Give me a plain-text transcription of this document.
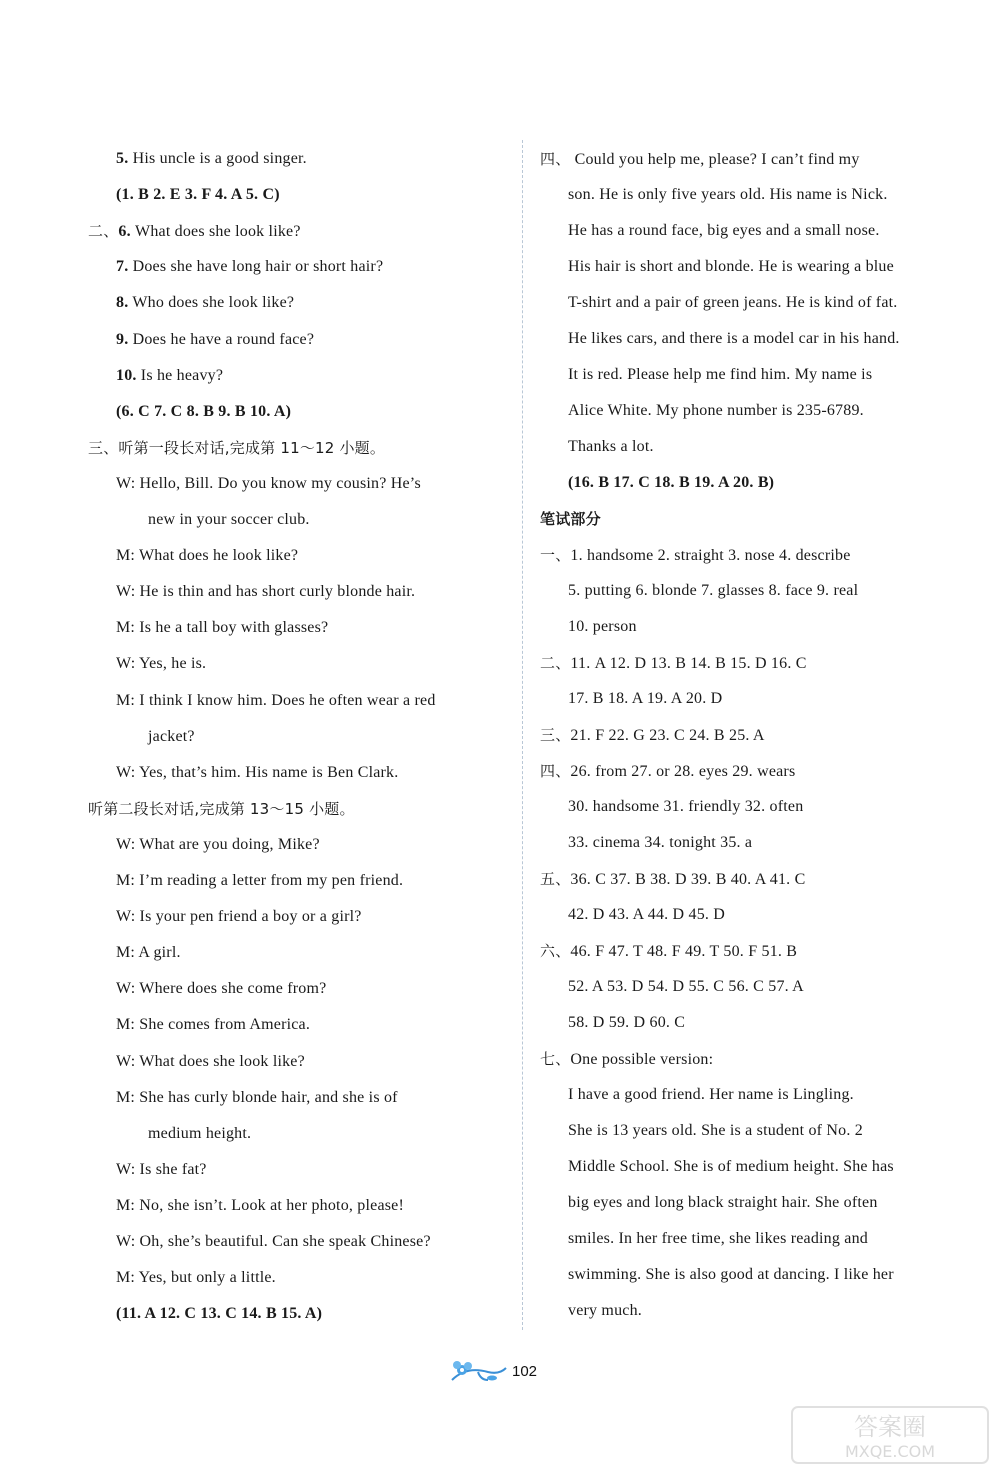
5. His uncle is a good singer.
(1. B 2. E 3. F 4. A 5. C)
二、6. What does she look like?
7. Does she have long hair or short hair?
8. Who does she look like?
9. Does he have a round face?
10. Is he heavy?
(6. C 7. C 8. B 9. B 10. A)
三、听第一段长对话,完成第 11～12 小题。
W: Hello, Bill. Do you know my cousin? He’s
new in your soccer club.
M: What does he look like?
W: He is thin and has short curly blonde hair.
M: Is he a tall boy with glasses?
W: Yes, he is.
M: I think I know him. Does he often wear a red
jacket?
W: Yes, that’s him. His name is Ben Clark.
听第二段长对话,完成第 13～15 小题。
W: What are you doing, Mike?
M: I’m reading a letter from my pen friend.
W: Is your pen friend a boy or a girl?
M: A girl.
W: Where does she come from?
M: She comes from America.
W: What does she look like?
M: She has curly blonde hair, and she is of
medium height.
W: Is she fat?
M: No, she isn’t. Look at her photo, please!
W: Oh, she’s beautiful. Can she speak Chinese?
M: Yes, but only a little.
(11. A 12. C 13. C 14. B 15. A)
四、 Could you help me, please? I can’t find my
son. He is only five years old. His name is Nick.
He has a round face, big eyes and a small nose.
His hair is short and blonde. He is wearing a blue
T-shirt and a pair of green jeans. He is kind of fat.
He likes cars, and there is a model car in his hand.
It is red. Please help me find him. My name is
Alice White. My phone number is 235-6789.
Thanks a lot.
(16. B 17. C 18. B 19. A 20. B)
笔试部分
一、1. handsome 2. straight 3. nose 4. describe
5. putting 6. blonde 7. glasses 8. face 9. real
10. person
二、11. A 12. D 13. B 14. B 15. D 16. C
17. B 18. A 19. A 20. D
三、21. F 22. G 23. C 24. B 25. A
四、26. from 27. or 28. eyes 29. wears
30. handsome 31. friendly 32. often
33. cinema 34. tonight 35. a
五、36. C 37. B 38. D 39. B 40. A 41. C
42. D 43. A 44. D 45. D
六、46. F 47. T 48. F 49. T 50. F 51. B
52. A 53. D 54. D 55. C 56. C 57. A
58. D 59. D 60. C
七、One possible version:
I have a good friend. Her name is Lingling.
She is 13 years old. She is a student of No. 2
Middle School. She is of medium height. She has
big eyes and long black straight hair. She often
smiles. In her free time, she likes reading and
swimming. She is also good at dancing. I like her
very much.
102
答案圈
MXQE.COM
